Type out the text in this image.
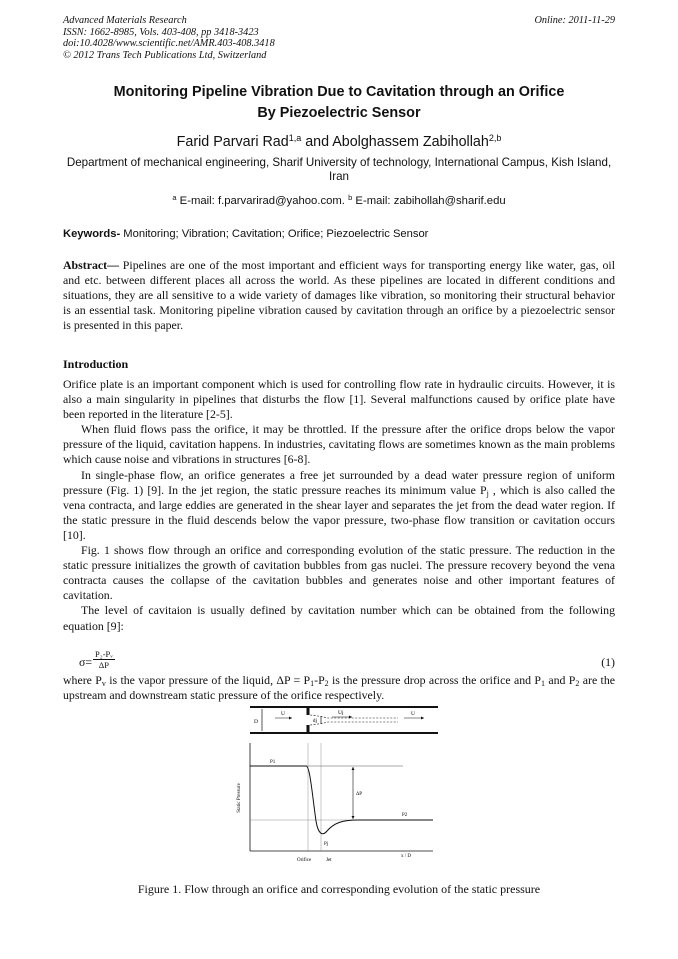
Advanced Materials Research
ISSN: 1662-8985, Vols. 403-408, pp 3418-3423
doi:10.4028/www.scientific.net/AMR.403-408.3418
© 2012 Trans Tech Publications Ltd, Switzerland
Online: 2011-11-29
Monitoring Pipeline Vibration Due to Cavitation through an Orifice
By Piezoelectric Sensor
Farid Parvari Rad$^{1,a}$ and Abolghassem Zabihollah$^{2,b}$
Department of mechanical engineering, Sharif University of technology, International Campus, Kish Island, Iran
$^a$ E-mail: f.parvarirad@yahoo.com. $^b$ E-mail: zabihollah@sharif.edu
Keywords- Monitoring; Vibration; Cavitation; Orifice; Piezoelectric Sensor
Abstract— Pipelines are one of the most important and efficient ways for transporting energy like water, gas, oil and etc. between different places all across the world. As these pipelines are located in different conditions and situations, they are all sensitive to a wide variety of damages like vibration, so monitoring their structural behavior is an essential task. Monitoring pipeline vibration caused by cavitation through an orifice by a piezoelectric sensor is presented in this paper.
Introduction

Orifice plate is an important component which is used for controlling flow rate in hydraulic circuits. However, it is also a main singularity in pipelines that disturbs the flow [1]. Several malfunctions caused by orifice plate have been reported in the literature [2-5].

When fluid flows pass the orifice, it may be throttled. If the pressure after the orifice drops below the vapor pressure of the liquid, cavitation happens. In industries, cavitating flows are sometimes known as the main problems which cause noise and vibrations in structures [6-8].

In single-phase flow, an orifice generates a free jet surrounded by a dead water pressure region of uniform pressure (Fig. 1) [9]. In the jet region, the static pressure reaches its minimum value $P_j$ , which is also called the vena contracta, and large eddies are generated in the shear layer and separates the jet from the dead water region. If the static pressure in the fluid descends below the vapor pressure, two-phase flow transition or cavitation occurs [10].

Fig. 1 shows flow through an orifice and corresponding evolution of the static pressure. The reduction in the static pressure initializes the growth of cavitation bubbles from gas nuclei. The pressure recovery beyond the vena contracta causes the collapse of the cavitation bubbles and generates noise and other important features of cavitation.

The level of cavitaion is usually defined by cavitation number which can be obtained from the following equation [9]:

$\sigma= \frac{\text{P₂-Pᵥ}}{\Delta P}$	(1)

where $P_v$ is the vapor pressure of the liquid, $\Delta P = P_1-P_2$ is the pressure drop across the orifice and $P_1$ and $P_2$ are the upstream and downstream static pressure of the orifice respectively.

D	dj
U	Uj	U
Static Pressure
P1
P2
Pj
ΔP
x / D
Orifice	Jet
Figure 1. Flow through an orifice and corresponding evolution of the static pressure
